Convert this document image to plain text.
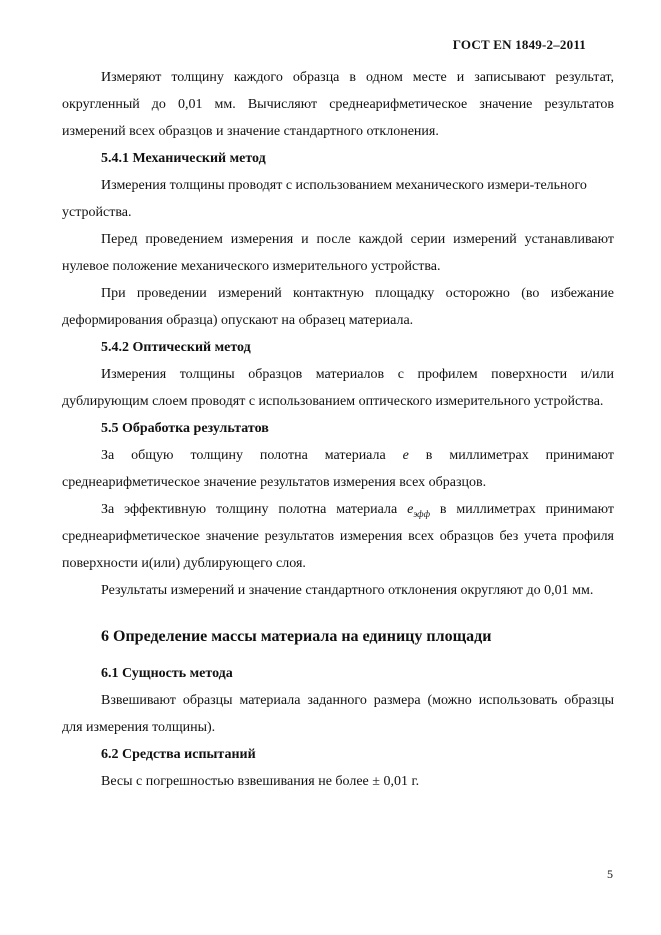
ГОСТ EN 1849-2–2011

Измеряют толщину каждого образца в одном месте и записывают результат, округленный до 0,01 мм. Вычисляют среднеарифметическое значение результатов измерений всех образцов и значение стандартного отклонения.

5.4.1 Механический метод

Измерения толщины проводят с использованием механического измери-тельного

устройства.

Перед проведением измерения и после каждой серии измерений устанавливают нулевое положение механического измерительного устройства.

При проведении измерений контактную площадку осторожно (во избежание деформирования образца) опускают на образец материала.

5.4.2 Оптический метод

Измерения толщины образцов материалов с профилем поверхности и/или дублирующим слоем проводят с использованием оптического измерительного устройства.

5.5 Обработка результатов

За общую толщину полотна материала e в миллиметрах принимают среднеарифметическое значение результатов измерения всех образцов.

За эффективную толщину полотна материала $e_{эфф}$ в миллиметрах принимают среднеарифметическое значение результатов измерения всех образцов без учета профиля поверхности и(или) дублирующего слоя.

Результаты измерений и значение стандартного отклонения округляют до 0,01 мм.

6 Определение массы материала на единицу площади
6.1 Сущность метода

Взвешивают образцы материала заданного размера (можно использовать образцы для измерения толщины).

6.2 Средства испытаний

Весы с погрешностью взвешивания не более ± 0,01 г.

5
